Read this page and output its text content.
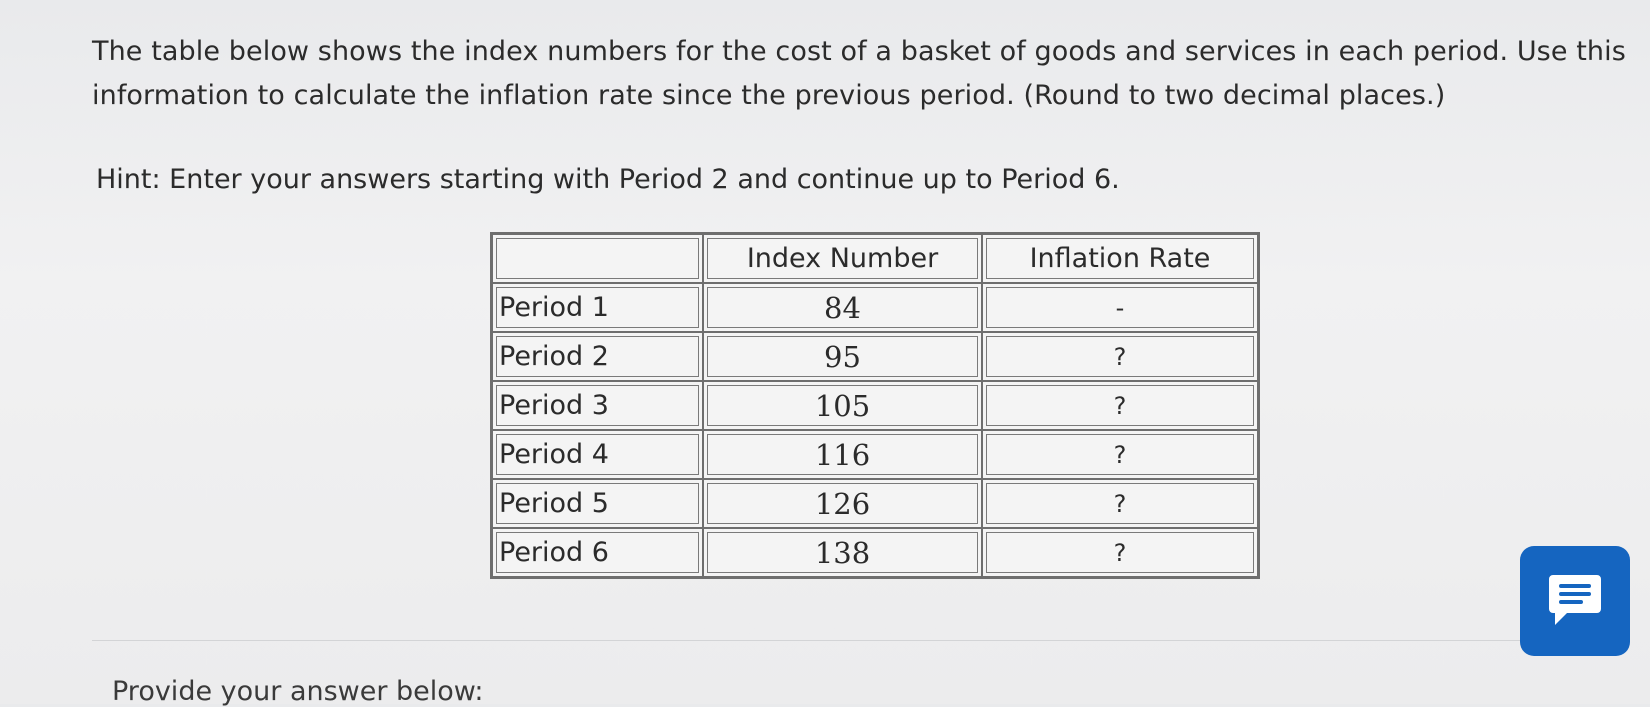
The table below shows the index numbers for the cost of a basket of goods and services in each period. Use this information to calculate the inflation rate since the previous period. (Round to two decimal places.)

Hint: Enter your answers starting with Period 2 and continue up to Period 6.

	Index Number	Inflation Rate
Period 1	84	-
Period 2	95	?
Period 3	105	?
Period 4	116	?
Period 5	126	?
Period 6	138	?
Provide your answer below:
